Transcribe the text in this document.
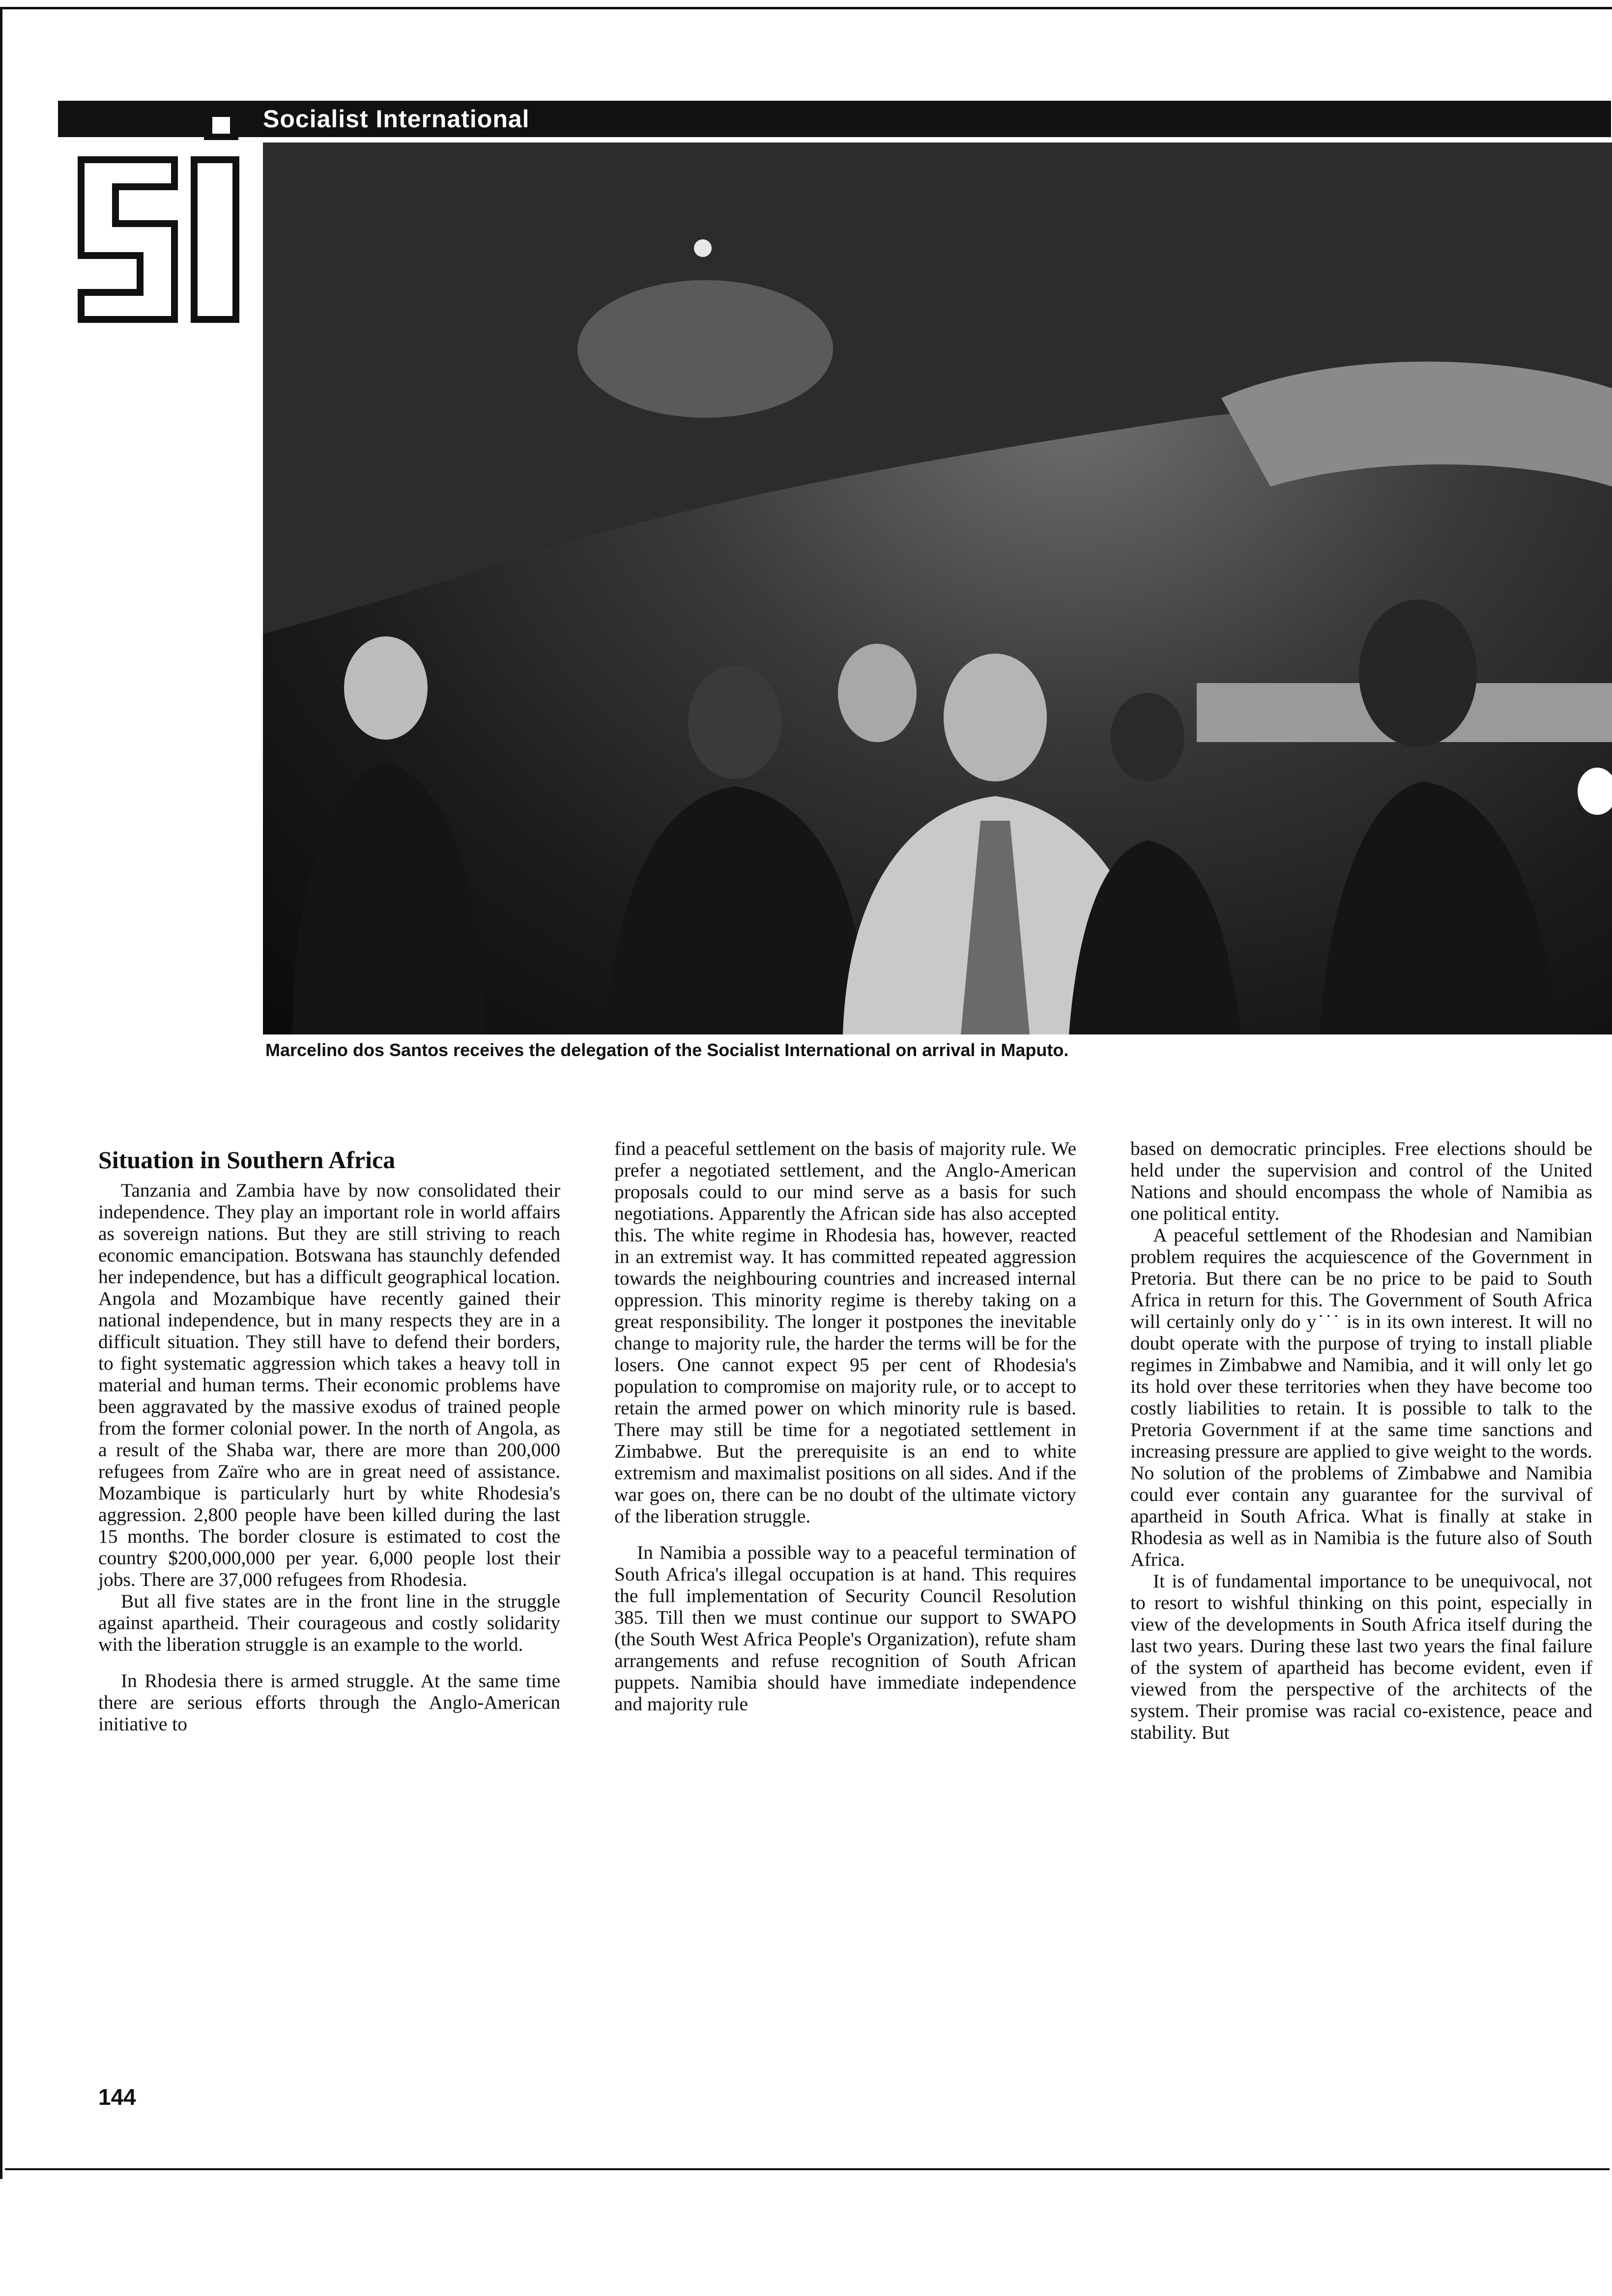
Socialist International
Marcelino dos Santos receives the delegation of the Socialist International on arrival in Maputo.
Situation in Southern Africa

Tanzania and Zambia have by now consolidated their independence. They play an important role in world affairs as sovereign nations. But they are still striving to reach economic emancipation. Botswana has staunchly defended her independence, but has a difficult geographical location. Angola and Mozambique have recently gained their national independence, but in many respects they are in a difficult situation. They still have to defend their borders, to fight systematic aggression which takes a heavy toll in material and human terms. Their economic problems have been aggravated by the massive exodus of trained people from the former colonial power. In the north of Angola, as a result of the Shaba war, there are more than 200,000 refugees from Zaïre who are in great need of assistance. Mozambique is particularly hurt by white Rhodesia's aggression. 2,800 people have been killed during the last 15 months. The border closure is estimated to cost the country $200,000,000 per year. 6,000 people lost their jobs. There are 37,000 refugees from Rhodesia.

But all five states are in the front line in the struggle against apartheid. Their courageous and costly solidarity with the liberation struggle is an example to the world.

In Rhodesia there is armed struggle. At the same time there are serious efforts through the Anglo-American initiative to

find a peaceful settlement on the basis of majority rule. We prefer a negotiated settlement, and the Anglo-American proposals could to our mind serve as a basis for such negotiations. Apparently the African side has also accepted this. The white regime in Rhodesia has, however, reacted in an extremist way. It has committed repeated aggression towards the neighbouring countries and increased internal oppression. This minority regime is thereby taking on a great responsibility. The longer it postpones the inevitable change to majority rule, the harder the terms will be for the losers. One cannot expect 95 per cent of Rhodesia's population to compromise on majority rule, or to accept to retain the armed power on which minority rule is based. There may still be time for a negotiated settlement in Zimbabwe. But the prerequisite is an end to white extremism and maximalist positions on all sides. And if the war goes on, there can be no doubt of the ultimate victory of the liberation struggle.

In Namibia a possible way to a peaceful termination of South Africa's illegal occupation is at hand. This requires the full implementation of Security Council Resolution 385. Till then we must continue our support to SWAPO (the South West Africa People's Organization), refute sham arrangements and refuse recognition of South African puppets. Namibia should have immediate independence and majority rule

based on democratic principles. Free elections should be held under the supervision and control of the United Nations and should encompass the whole of Namibia as one political entity.

A peaceful settlement of the Rhodesian and Namibian problem requires the acquiescence of the Government in Pretoria. But there can be no price to be paid to South Africa in return for this. The Government of South Africa will certainly only do y˙˙˙ is in its own interest. It will no doubt operate with the purpose of trying to install pliable regimes in Zimbabwe and Namibia, and it will only let go its hold over these territories when they have become too costly liabilities to retain. It is possible to talk to the Pretoria Government if at the same time sanctions and increasing pressure are applied to give weight to the words. No solution of the problems of Zimbabwe and Namibia could ever contain any guarantee for the survival of apartheid in South Africa. What is finally at stake in Rhodesia as well as in Namibia is the future also of South Africa.

It is of fundamental importance to be unequivocal, not to resort to wishful thinking on this point, especially in view of the developments in South Africa itself during the last two years. During these last two years the final failure of the system of apartheid has become evident, even if viewed from the perspective of the architects of the system. Their promise was racial co-existence, peace and stability. But

144
